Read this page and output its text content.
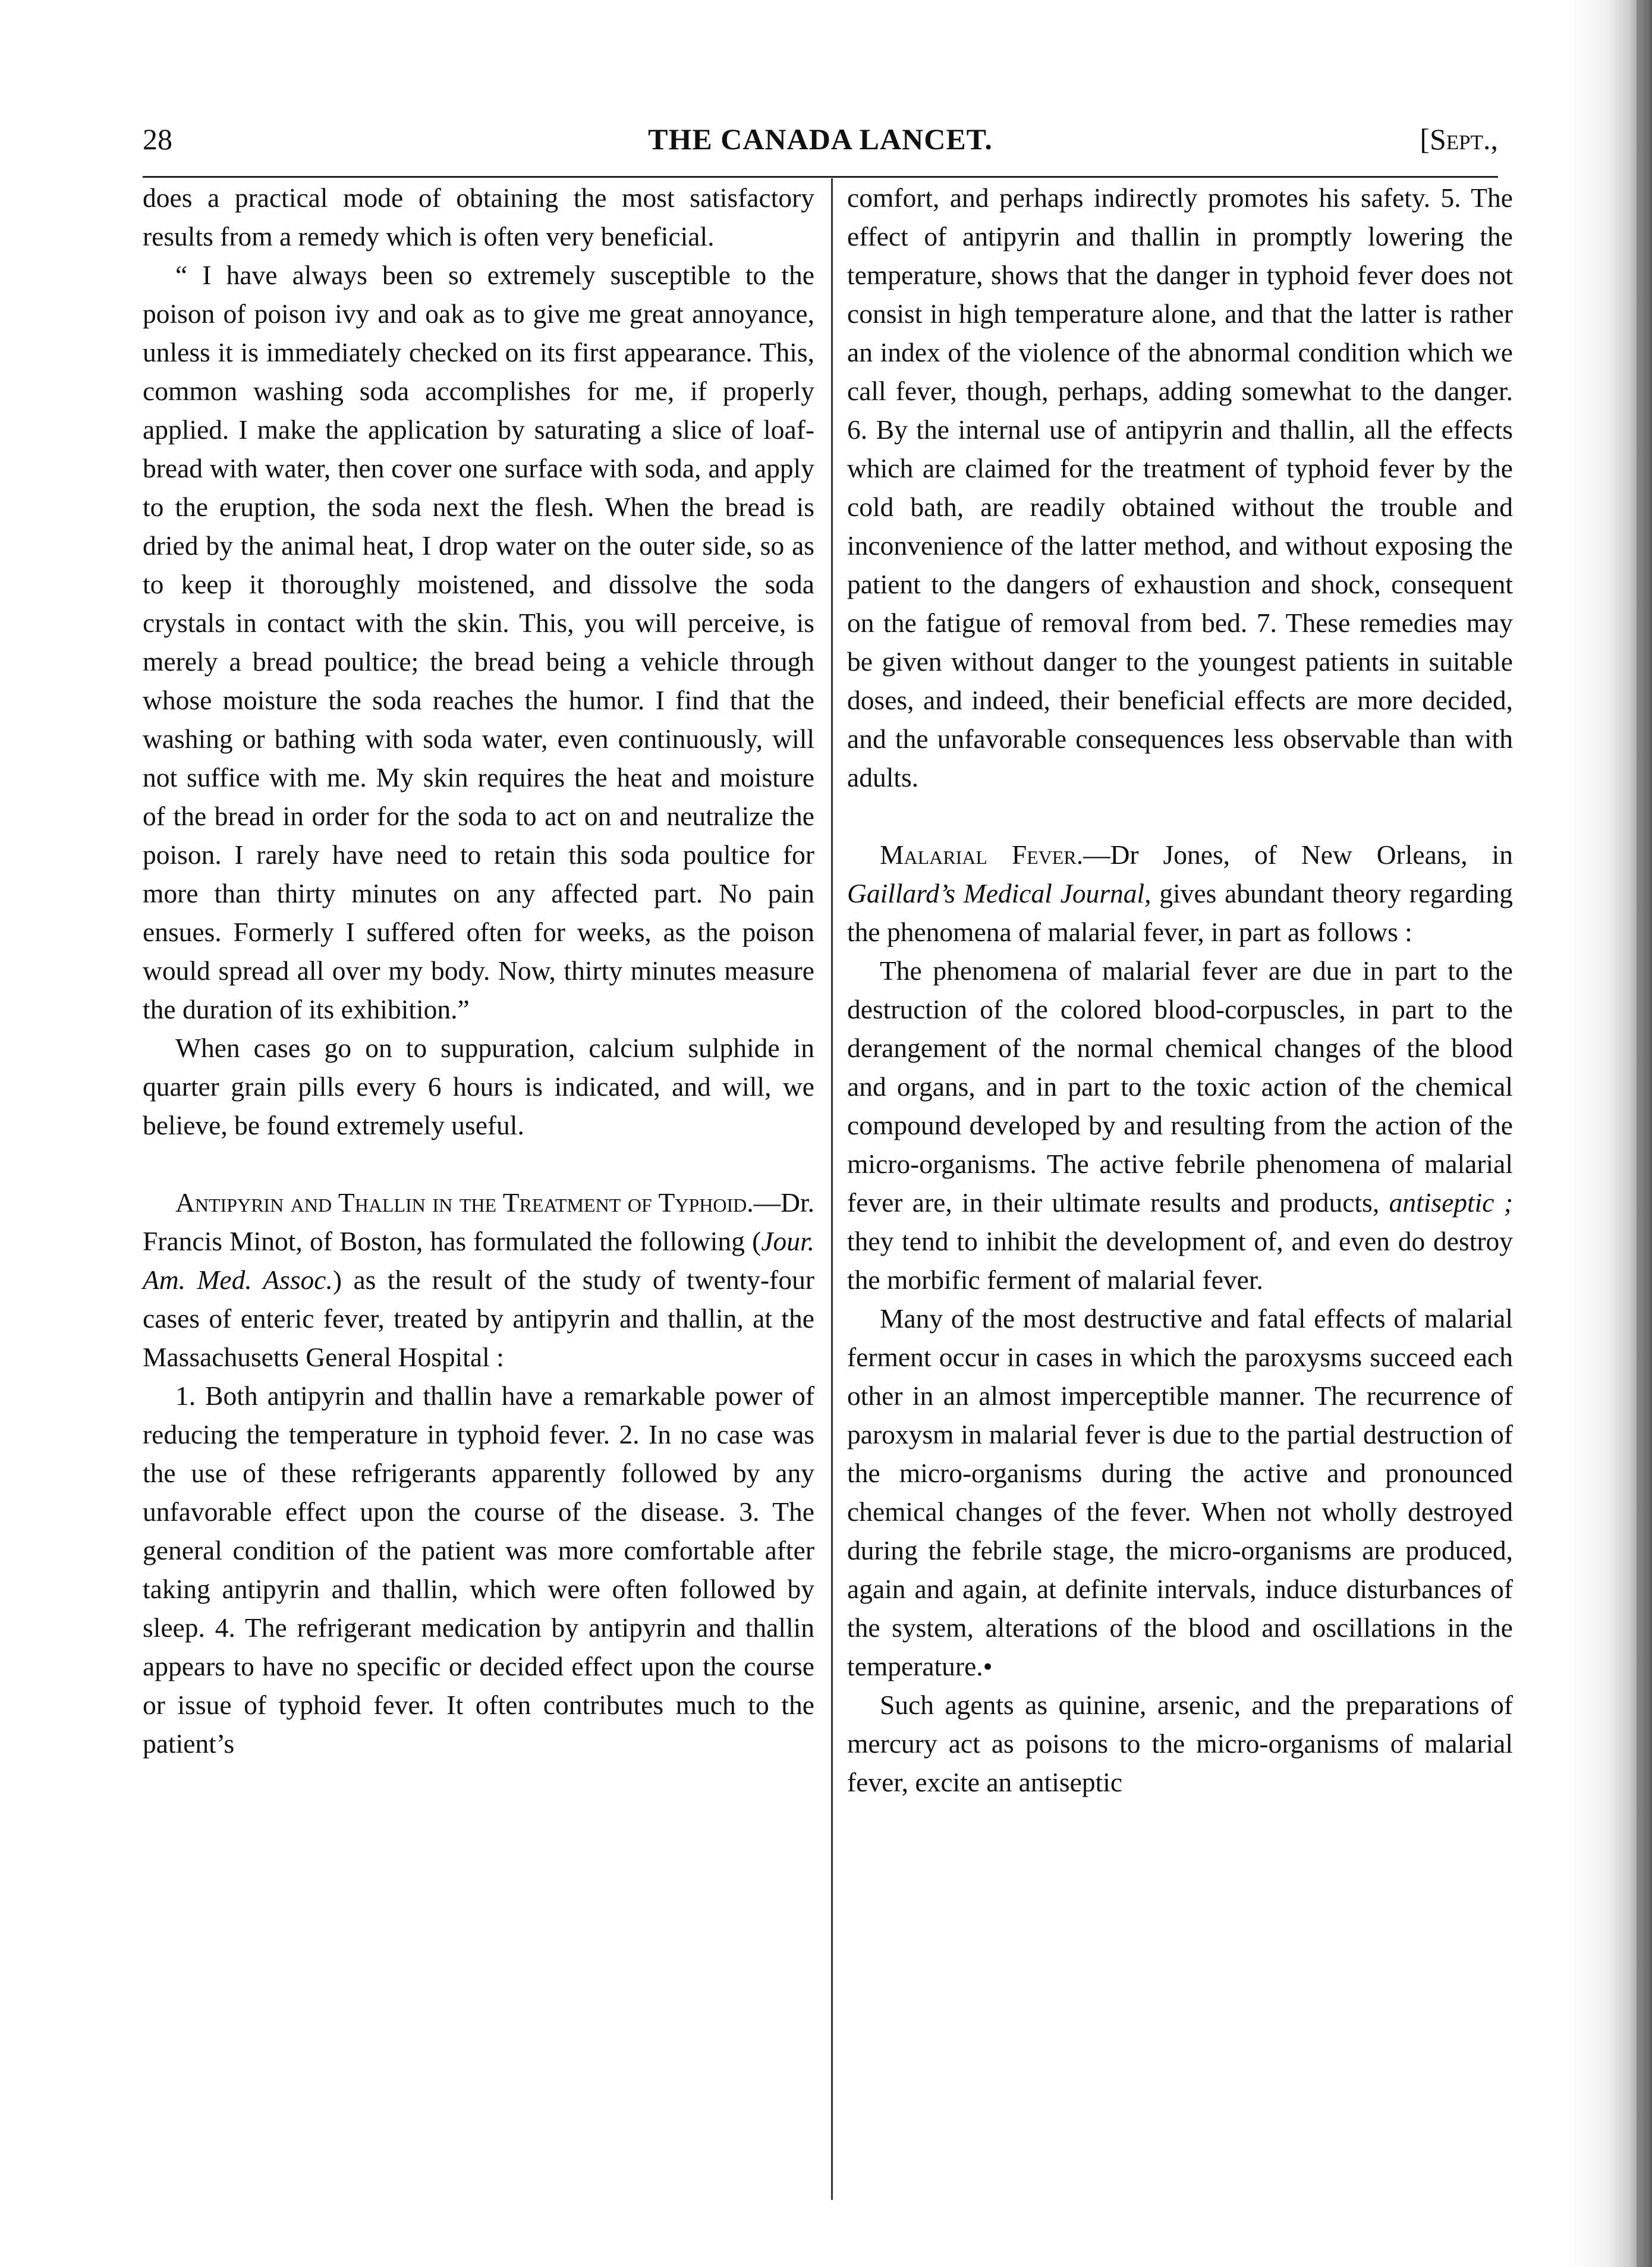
28	THE CANADA LANCET.	[Sept.,

does a practical mode of obtaining the most satisfactory results from a remedy which is often very beneficial.

“ I have always been so extremely susceptible to the poison of poison ivy and oak as to give me great annoyance, unless it is immediately checked on its first appearance. This, common washing soda accomplishes for me, if properly applied. I make the application by saturating a slice of loaf-bread with water, then cover one surface with soda, and apply to the eruption, the soda next the flesh. When the bread is dried by the animal heat, I drop water on the outer side, so as to keep it thoroughly moistened, and dissolve the soda crystals in contact with the skin. This, you will perceive, is merely a bread poultice; the bread being a vehicle through whose moisture the soda reaches the humor. I find that the washing or bathing with soda water, even continuously, will not suffice with me. My skin requires the heat and moisture of the bread in order for the soda to act on and neutralize the poison. I rarely have need to retain this soda poultice for more than thirty minutes on any affected part. No pain ensues. Formerly I suffered often for weeks, as the poison would spread all over my body. Now, thirty minutes measure the duration of its exhibition.”

When cases go on to suppuration, calcium sulphide in quarter grain pills every 6 hours is indicated, and will, we believe, be found extremely useful.

Antipyrin and Thallin in the Treatment of Typhoid.—Dr. Francis Minot, of Boston, has formulated the following (Jour. Am. Med. Assoc.) as the result of the study of twenty-four cases of enteric fever, treated by antipyrin and thallin, at the Massachusetts General Hospital :

1. Both antipyrin and thallin have a remarkable power of reducing the temperature in typhoid fever. 2. In no case was the use of these refrigerants apparently followed by any unfavorable effect upon the course of the disease. 3. The general condition of the patient was more comfortable after taking antipyrin and thallin, which were often followed by sleep. 4. The refrigerant medication by antipyrin and thallin appears to have no specific or decided effect upon the course or issue of typhoid fever. It often contributes much to the patient’s

comfort, and perhaps indirectly promotes his safety. 5. The effect of antipyrin and thallin in promptly lowering the temperature, shows that the danger in typhoid fever does not consist in high temperature alone, and that the latter is rather an index of the violence of the abnormal condition which we call fever, though, perhaps, adding somewhat to the danger. 6. By the internal use of antipyrin and thallin, all the effects which are claimed for the treatment of typhoid fever by the cold bath, are readily obtained without the trouble and inconvenience of the latter method, and without exposing the patient to the dangers of exhaustion and shock, consequent on the fatigue of removal from bed. 7. These remedies may be given without danger to the youngest patients in suitable doses, and indeed, their beneficial effects are more decided, and the unfavorable consequences less observable than with adults.

Malarial Fever.—Dr Jones, of New Orleans, in Gaillard’s Medical Journal, gives abundant theory regarding the phenomena of malarial fever, in part as follows :

The phenomena of malarial fever are due in part to the destruction of the colored blood-corpuscles, in part to the derangement of the normal chemical changes of the blood and organs, and in part to the toxic action of the chemical compound developed by and resulting from the action of the micro-organisms. The active febrile phenomena of malarial fever are, in their ultimate results and products, antiseptic ; they tend to inhibit the development of, and even do destroy the morbific ferment of malarial fever.

Many of the most destructive and fatal effects of malarial ferment occur in cases in which the paroxysms succeed each other in an almost imperceptible manner. The recurrence of paroxysm in malarial fever is due to the partial destruction of the micro-organisms during the active and pronounced chemical changes of the fever. When not wholly destroyed during the febrile stage, the micro-organisms are produced, again and again, at definite intervals, induce disturbances of the system, alterations of the blood and oscillations in the temperature.•

Such agents as quinine, arsenic, and the preparations of mercury act as poisons to the micro-organisms of malarial fever, excite an antiseptic
